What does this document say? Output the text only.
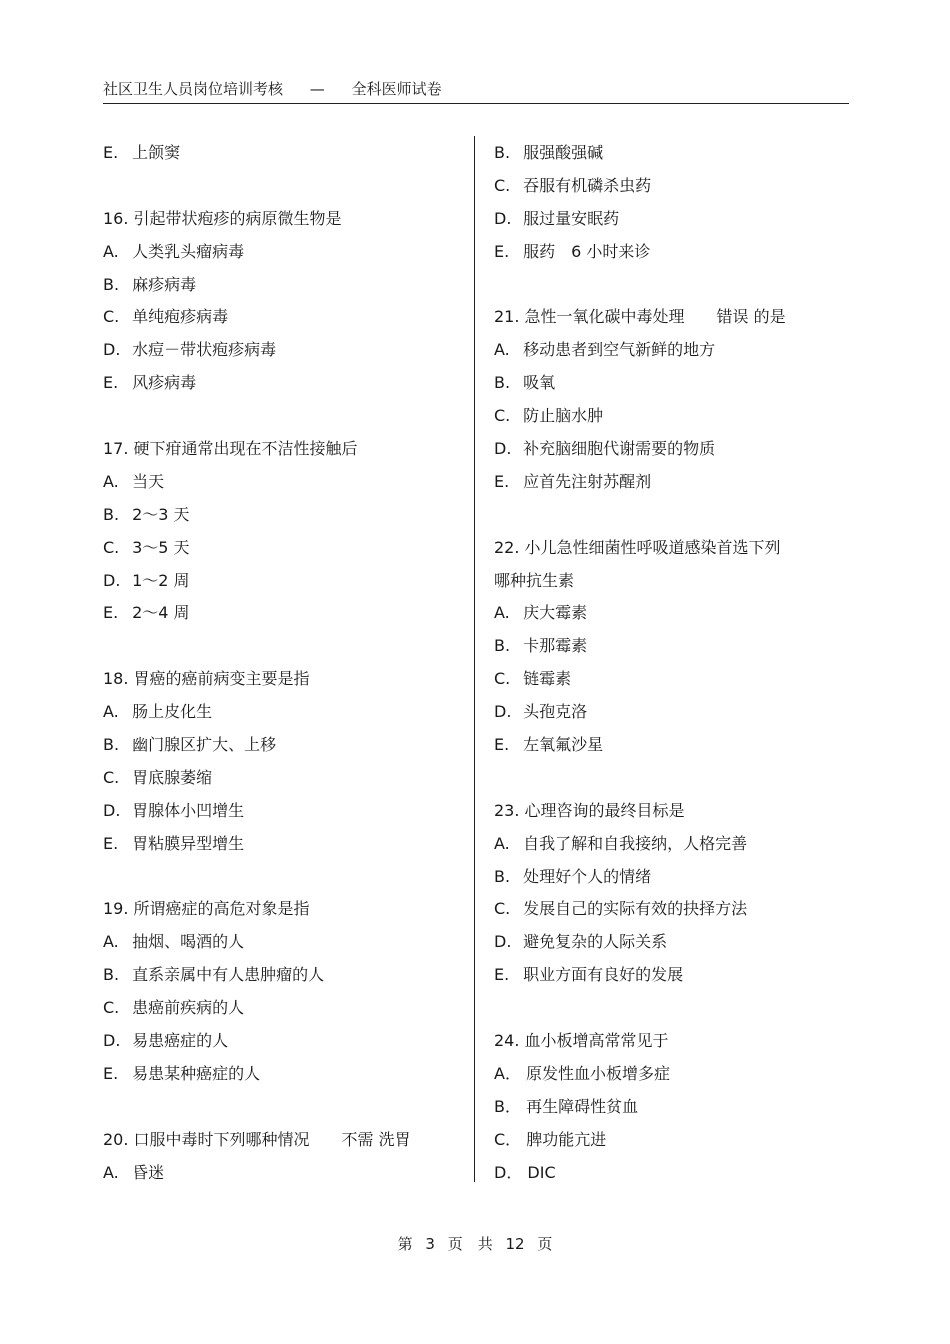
社区卫生人员岗位培训考核 — 全科医师试卷
E. 上颌窦
16. 引起带状疱疹的病原微生物是
A. 人类乳头瘤病毒
B. 麻疹病毒
C. 单纯疱疹病毒
D. 水痘－带状疱疹病毒
E. 风疹病毒
17. 硬下疳通常出现在不洁性接触后
A. 当天
B. 2～3 天
C. 3～5 天
D. 1～2 周
E. 2～4 周
18. 胃癌的癌前病变主要是指
A. 肠上皮化生
B. 幽门腺区扩大、上移
C. 胃底腺萎缩
D. 胃腺体小凹增生
E. 胃粘膜异型增生
19. 所谓癌症的高危对象是指
A. 抽烟、喝酒的人
B. 直系亲属中有人患肿瘤的人
C. 患癌前疾病的人
D. 易患癌症的人
E. 易患某种癌症的人
20. 口服中毒时下列哪种情况　　不需 洗胃
A. 昏迷
B. 服强酸强碱
C. 吞服有机磷杀虫药
D. 服过量安眠药
E. 服药　6 小时来诊
21. 急性一氧化碳中毒处理　　错误 的是
A. 移动患者到空气新鲜的地方
B. 吸氧
C. 防止脑水肿
D. 补充脑细胞代谢需要的物质
E. 应首先注射苏醒剂
22. 小儿急性细菌性呼吸道感染首选下列
哪种抗生素
A. 庆大霉素
B. 卡那霉素
C. 链霉素
D. 头孢克洛
E. 左氧氟沙星
23. 心理咨询的最终目标是
A. 自我了解和自我接纳，人格完善
B. 处理好个人的情绪
C. 发展自己的实际有效的抉择方法
D. 避免复杂的人际关系
E. 职业方面有良好的发展
24. 血小板增高常常见于
A． 原发性血小板增多症
B． 再生障碍性贫血
C． 脾功能亢进
D． DIC
第 3 页　共 12 页
